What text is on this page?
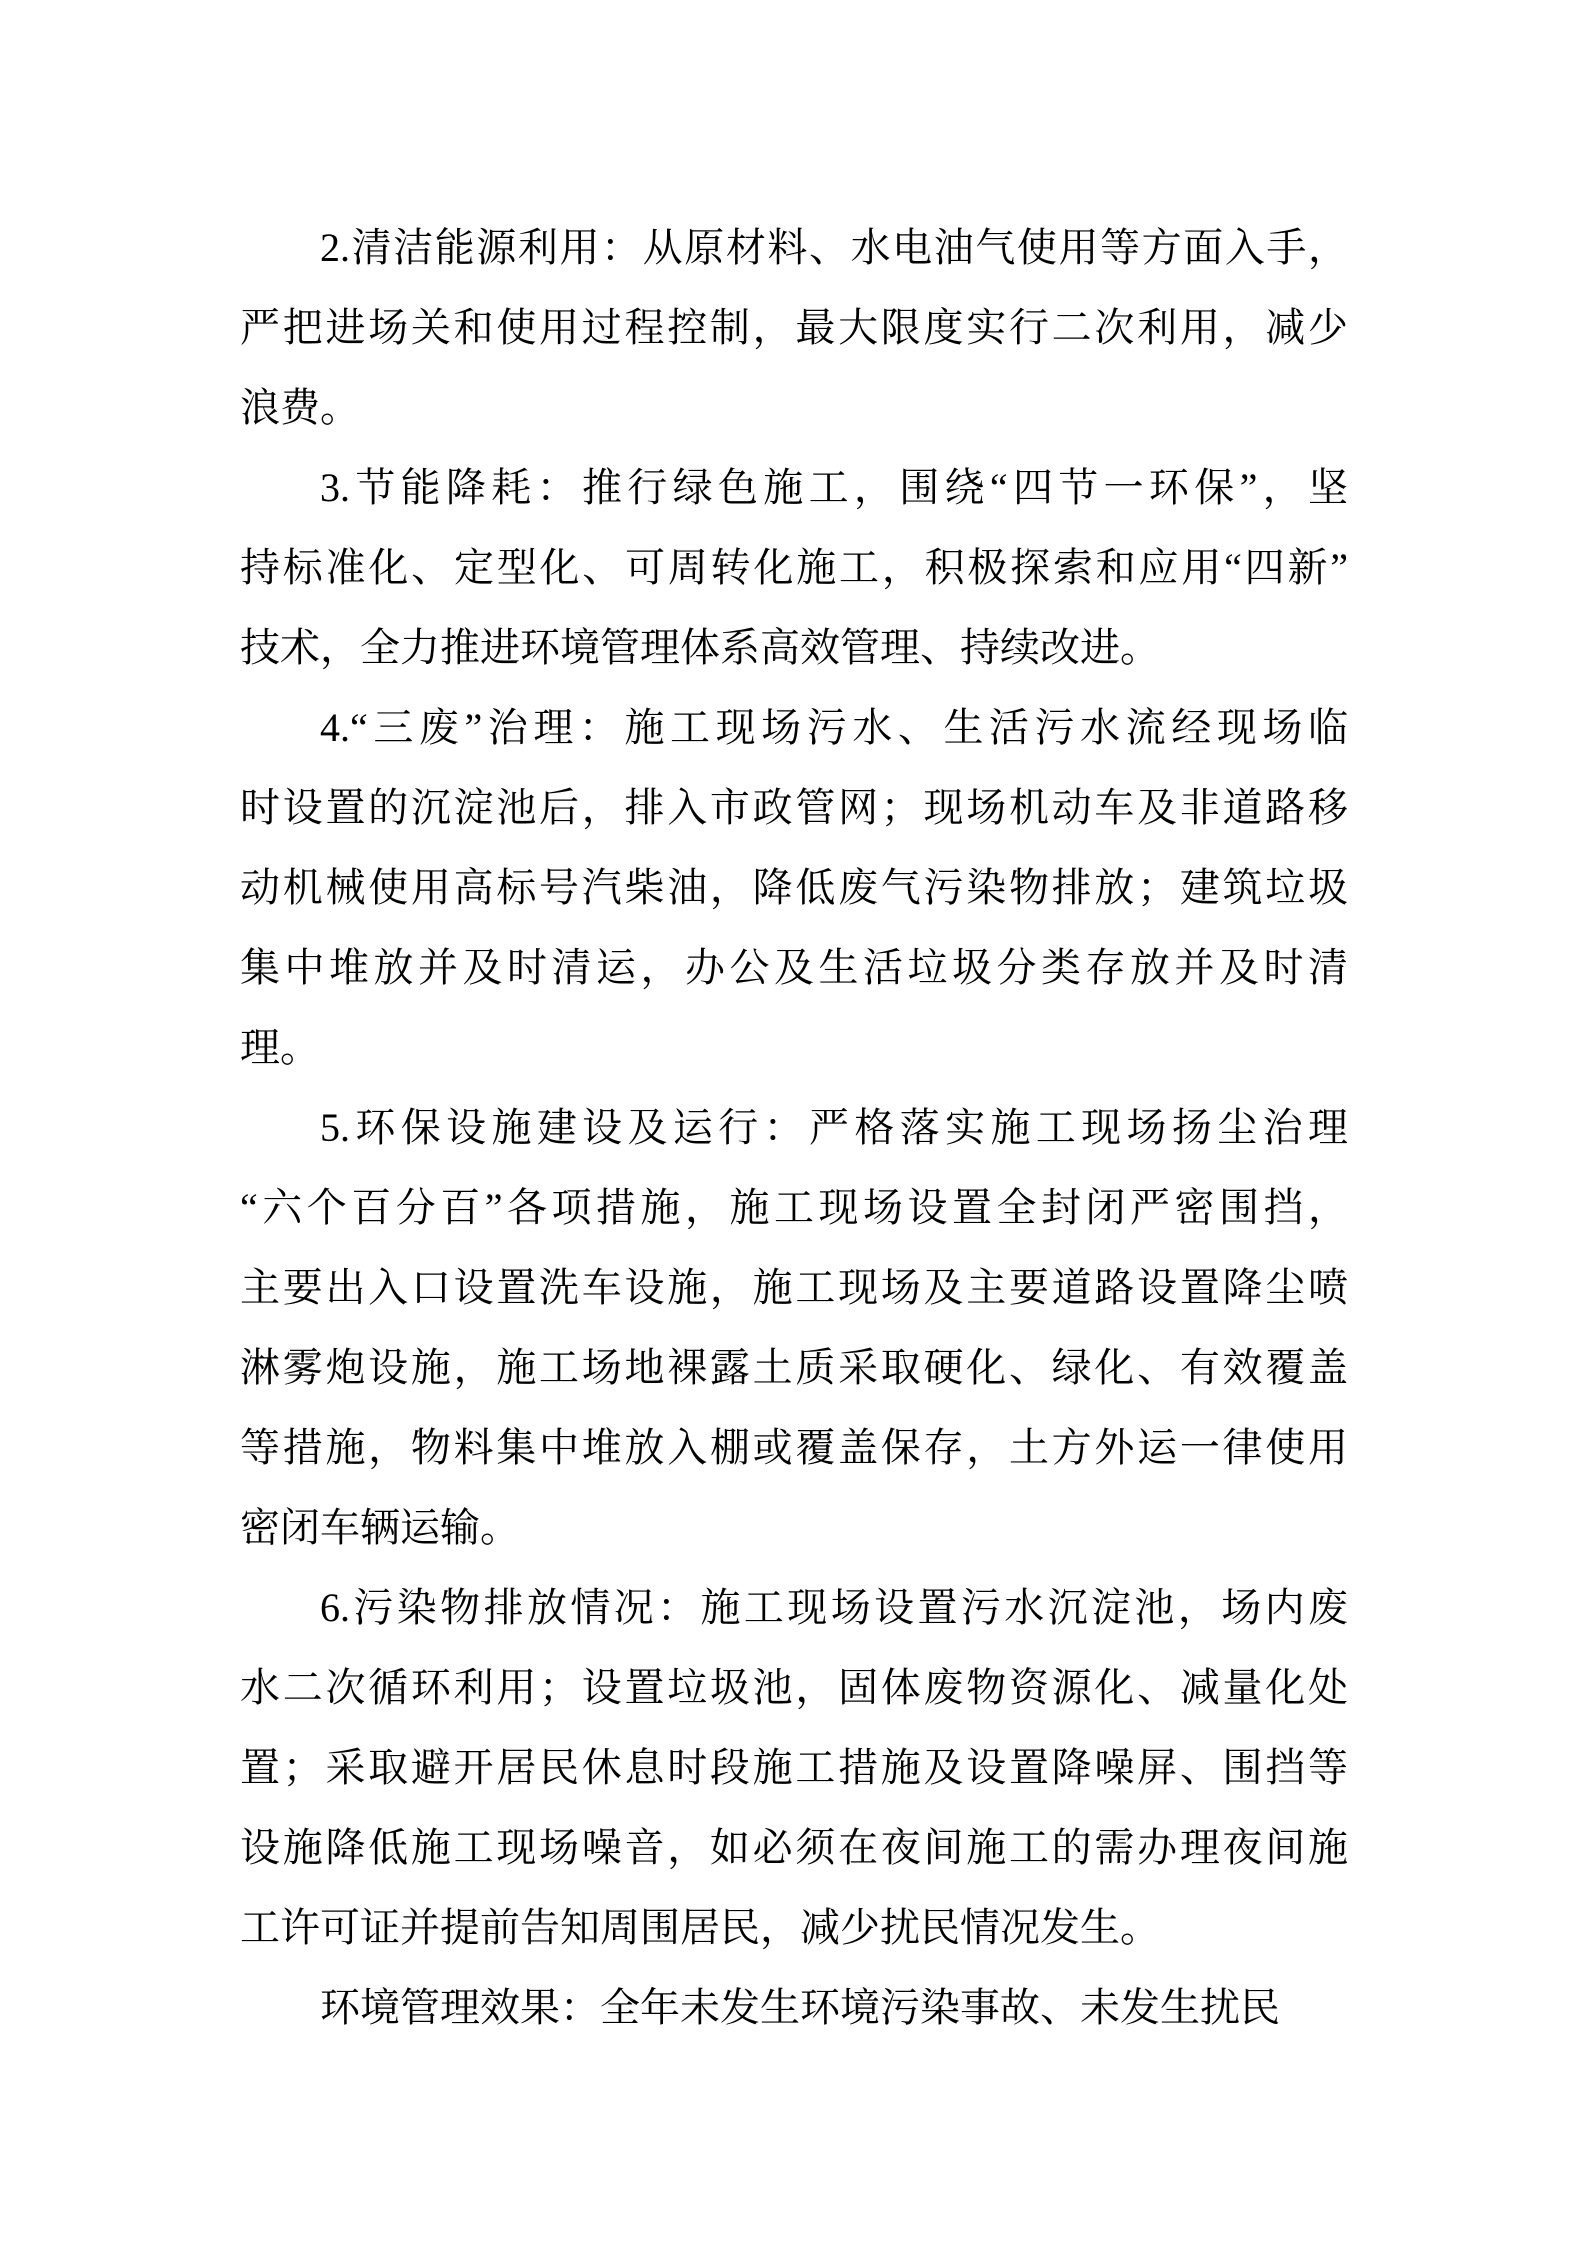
2.清洁能源利用：从原材料、水电油气使用等方面入手，
严把进场关和使用过程控制，最大限度实行二次利用，减少
浪费。
3.节能降耗：推行绿色施工，围绕“四节一环保”，坚
持标准化、定型化、可周转化施工，积极探索和应用“四新”
技术，全力推进环境管理体系高效管理、持续改进。
4.“三废”治理：施工现场污水、生活污水流经现场临
时设置的沉淀池后，排入市政管网；现场机动车及非道路移
动机械使用高标号汽柴油，降低废气污染物排放；建筑垃圾
集中堆放并及时清运，办公及生活垃圾分类存放并及时清
理。
5.环保设施建设及运行：严格落实施工现场扬尘治理
“六个百分百”各项措施，施工现场设置全封闭严密围挡，
主要出入口设置洗车设施，施工现场及主要道路设置降尘喷
淋雾炮设施，施工场地裸露土质采取硬化、绿化、有效覆盖
等措施，物料集中堆放入棚或覆盖保存，土方外运一律使用
密闭车辆运输。
6.污染物排放情况：施工现场设置污水沉淀池，场内废
水二次循环利用；设置垃圾池，固体废物资源化、减量化处
置；采取避开居民休息时段施工措施及设置降噪屏、围挡等
设施降低施工现场噪音，如必须在夜间施工的需办理夜间施
工许可证并提前告知周围居民，减少扰民情况发生。
环境管理效果：全年未发生环境污染事故、未发生扰民
